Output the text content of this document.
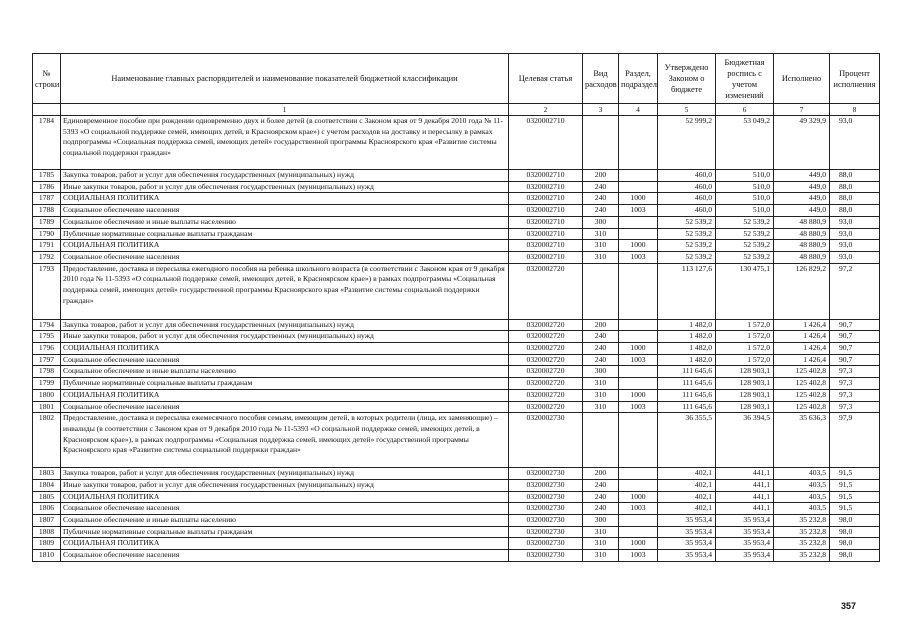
№ строки	Наименование главных распорядителей и наименование показателей бюджетной классификации	Целевая статья	Вид расходов	Раздел, подраздел	Утверждено Законом о бюджете	Бюджетная роспись с учетом изменений	Исполнено	Процент исполнения
	1	2	3	4	5	6	7	8
1784	Единовременное пособие при рождении одновременно двух и более детей (в соответствии с Законом края от 9 декабря 2010 года № 11-5393 «О социальной поддержке семей, имеющих детей, в Красноярском крае») с учетом расходов на доставку и пересылку в рамках подпрограммы «Социальная поддержка семей, имеющих детей» государственной программы Красноярского края «Развитие системы социальной поддержки граждан»	0320002710			52 999,2	53 049,2	49 329,9	93,0
1785	Закупка товаров, работ и услуг для обеспечения государственных (муниципальных) нужд	0320002710	200		460,0	510,0	449,0	88,0
1786	Иные закупки товаров, работ и услуг для обеспечения государственных (муниципальных) нужд	0320002710	240		460,0	510,0	449,0	88,0
1787	СОЦИАЛЬНАЯ ПОЛИТИКА	0320002710	240	1000	460,0	510,0	449,0	88,0
1788	Социальное обеспечение населения	0320002710	240	1003	460,0	510,0	449,0	88,0
1789	Социальное обеспечение и иные выплаты населению	0320002710	300		52 539,2	52 539,2	48 880,9	93,0
1790	Публичные нормативные социальные выплаты гражданам	0320002710	310		52 539,2	52 539,2	48 880,9	93,0
1791	СОЦИАЛЬНАЯ ПОЛИТИКА	0320002710	310	1000	52 539,2	52 539,2	48 880,9	93,0
1792	Социальное обеспечение населения	0320002710	310	1003	52 539,2	52 539,2	48 880,9	93,0
1793	Предоставление, доставка и пересылка ежегодного пособия на ребенка школьного возраста (в соответствии с Законом края от 9 декабря 2010 года № 11-5393 «О социальной поддержке семей, имеющих детей, в Красноярском крае») в рамках подпрограммы «Социальная поддержка семей, имеющих детей» государственной программы Красноярского края «Развитие системы социальной поддержки граждан»	0320002720			113 127,6	130 475,1	126 829,2	97,2
1794	Закупка товаров, работ и услуг для обеспечения государственных (муниципальных) нужд	0320002720	200		1 482,0	1 572,0	1 426,4	90,7
1795	Иные закупки товаров, работ и услуг для обеспечения государственных (муниципальных) нужд	0320002720	240		1 482,0	1 572,0	1 426,4	90,7
1796	СОЦИАЛЬНАЯ ПОЛИТИКА	0320002720	240	1000	1 482,0	1 572,0	1 426,4	90,7
1797	Социальное обеспечение населения	0320002720	240	1003	1 482,0	1 572,0	1 426,4	90,7
1798	Социальное обеспечение и иные выплаты населению	0320002720	300		111 645,6	128 903,1	125 402,8	97,3
1799	Публичные нормативные социальные выплаты гражданам	0320002720	310		111 645,6	128 903,1	125 402,8	97,3
1800	СОЦИАЛЬНАЯ ПОЛИТИКА	0320002720	310	1000	111 645,6	128 903,1	125 402,8	97,3
1801	Социальное обеспечение населения	0320002720	310	1003	111 645,6	128 903,1	125 402,8	97,3
1802	Предоставление, доставка и пересылка ежемесячного пособия семьям, имеющим детей, в которых родители (лица, их заменяющие) – инвалиды (в соответствии с Законом края от 9 декабря 2010 года № 11-5393 «О социальной поддержке семей, имеющих детей, в Красноярском крае»), в рамках подпрограммы «Социальная поддержка семей, имеющих детей» государственной программы Красноярского края «Развитие системы социальной поддержки граждан»	0320002730			36 355,5	36 394,5	35 636,3	97,9
1803	Закупка товаров, работ и услуг для обеспечения государственных (муниципальных) нужд	0320002730	200		402,1	441,1	403,5	91,5
1804	Иные закупки товаров, работ и услуг для обеспечения государственных (муниципальных) нужд	0320002730	240		402,1	441,1	403,5	91,5
1805	СОЦИАЛЬНАЯ ПОЛИТИКА	0320002730	240	1000	402,1	441,1	403,5	91,5
1806	Социальное обеспечение населения	0320002730	240	1003	402,1	441,1	403,5	91,5
1807	Социальное обеспечение и иные выплаты населению	0320002730	300		35 953,4	35 953,4	35 232,8	98,0
1808	Публичные нормативные социальные выплаты гражданам	0320002730	310		35 953,4	35 953,4	35 232,8	98,0
1809	СОЦИАЛЬНАЯ ПОЛИТИКА	0320002730	310	1000	35 953,4	35 953,4	35 232,8	98,0
1810	Социальное обеспечение населения	0320002730	310	1003	35 953,4	35 953,4	35 232,8	98,0
357
